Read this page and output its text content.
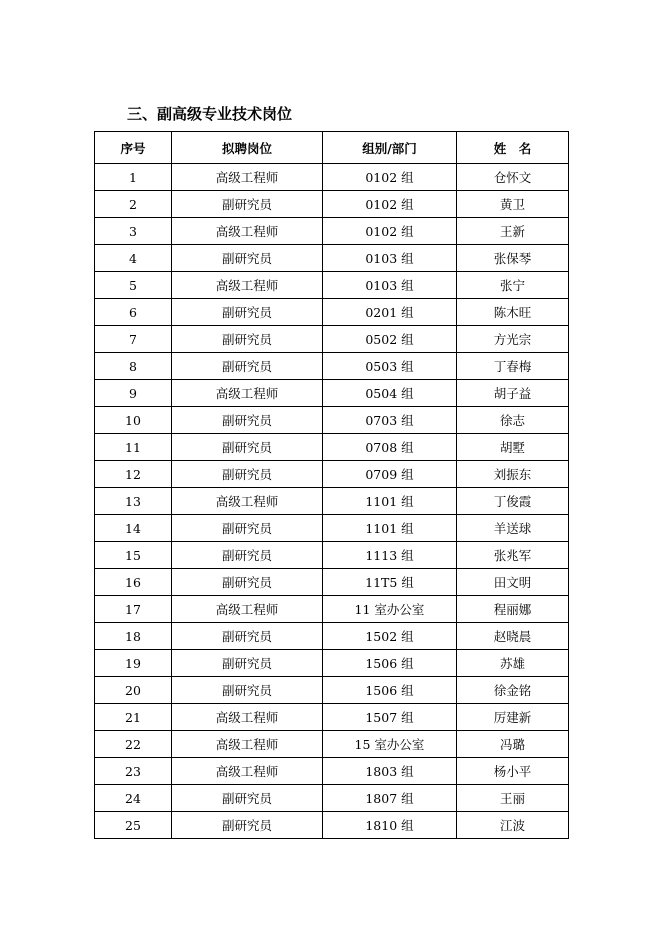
三、副高级专业技术岗位
序号	拟聘岗位	组别/部门	姓　名
1	高级工程师	0102 组	仓怀文
2	副研究员	0102 组	黄卫
3	高级工程师	0102 组	王新
4	副研究员	0103 组	张保琴
5	高级工程师	0103 组	张宁
6	副研究员	0201 组	陈木旺
7	副研究员	0502 组	方光宗
8	副研究员	0503 组	丁春梅
9	高级工程师	0504 组	胡子益
10	副研究员	0703 组	徐志
11	副研究员	0708 组	胡墅
12	副研究员	0709 组	刘振东
13	高级工程师	1101 组	丁俊霞
14	副研究员	1101 组	羊送球
15	副研究员	1113 组	张兆军
16	副研究员	11T5 组	田文明
17	高级工程师	11 室办公室	程丽娜
18	副研究员	1502 组	赵晓晨
19	副研究员	1506 组	苏雄
20	副研究员	1506 组	徐金铭
21	高级工程师	1507 组	厉建新
22	高级工程师	15 室办公室	冯璐
23	高级工程师	1803 组	杨小平
24	副研究员	1807 组	王丽
25	副研究员	1810 组	江波
